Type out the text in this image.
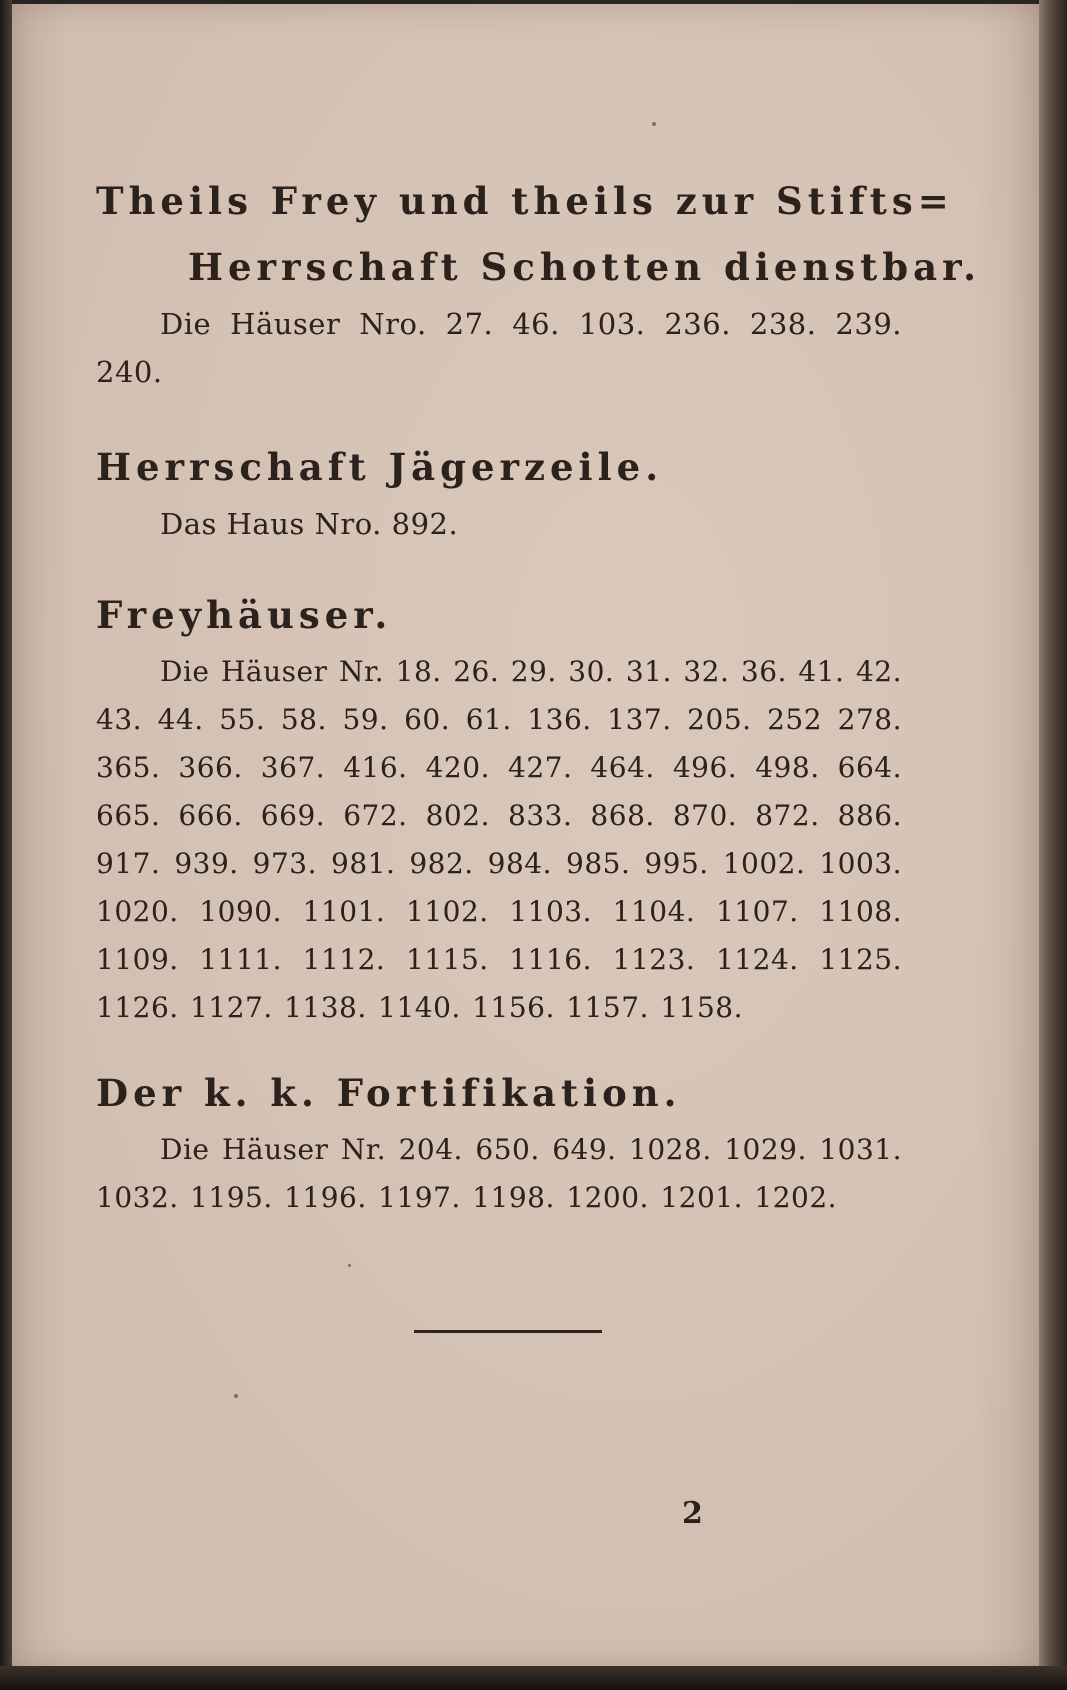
Theils Frey und theils zur Stifts=
Herrschaft Schotten dienstbar.

Die Häuser Nro. 27. 46. 103. 236. 238. 239. 240.

Herrschaft Jägerzeile.

Das Haus Nro. 892.

Freyhäuser.

Die Häuser Nr. 18. 26. 29. 30. 31. 32. 36. 41. 42. 43. 44. 55. 58. 59. 60. 61. 136. 137. 205. 252 278. 365. 366. 367. 416. 420. 427. 464. 496. 498. 664. 665. 666. 669. 672. 802. 833. 868. 870. 872. 886. 917. 939. 973. 981. 982. 984. 985. 995. 1002. 1003. 1020. 1090. 1101. 1102. 1103. 1104. 1107. 1108. 1109. 1111. 1112. 1115. 1116. 1123. 1124. 1125. 1126. 1127. 1138. 1140. 1156. 1157. 1158.

Der k. k. Fortifikation.

Die Häuser Nr. 204. 650. 649. 1028. 1029. 1031. 1032. 1195. 1196. 1197. 1198. 1200. 1201. 1202.

2
